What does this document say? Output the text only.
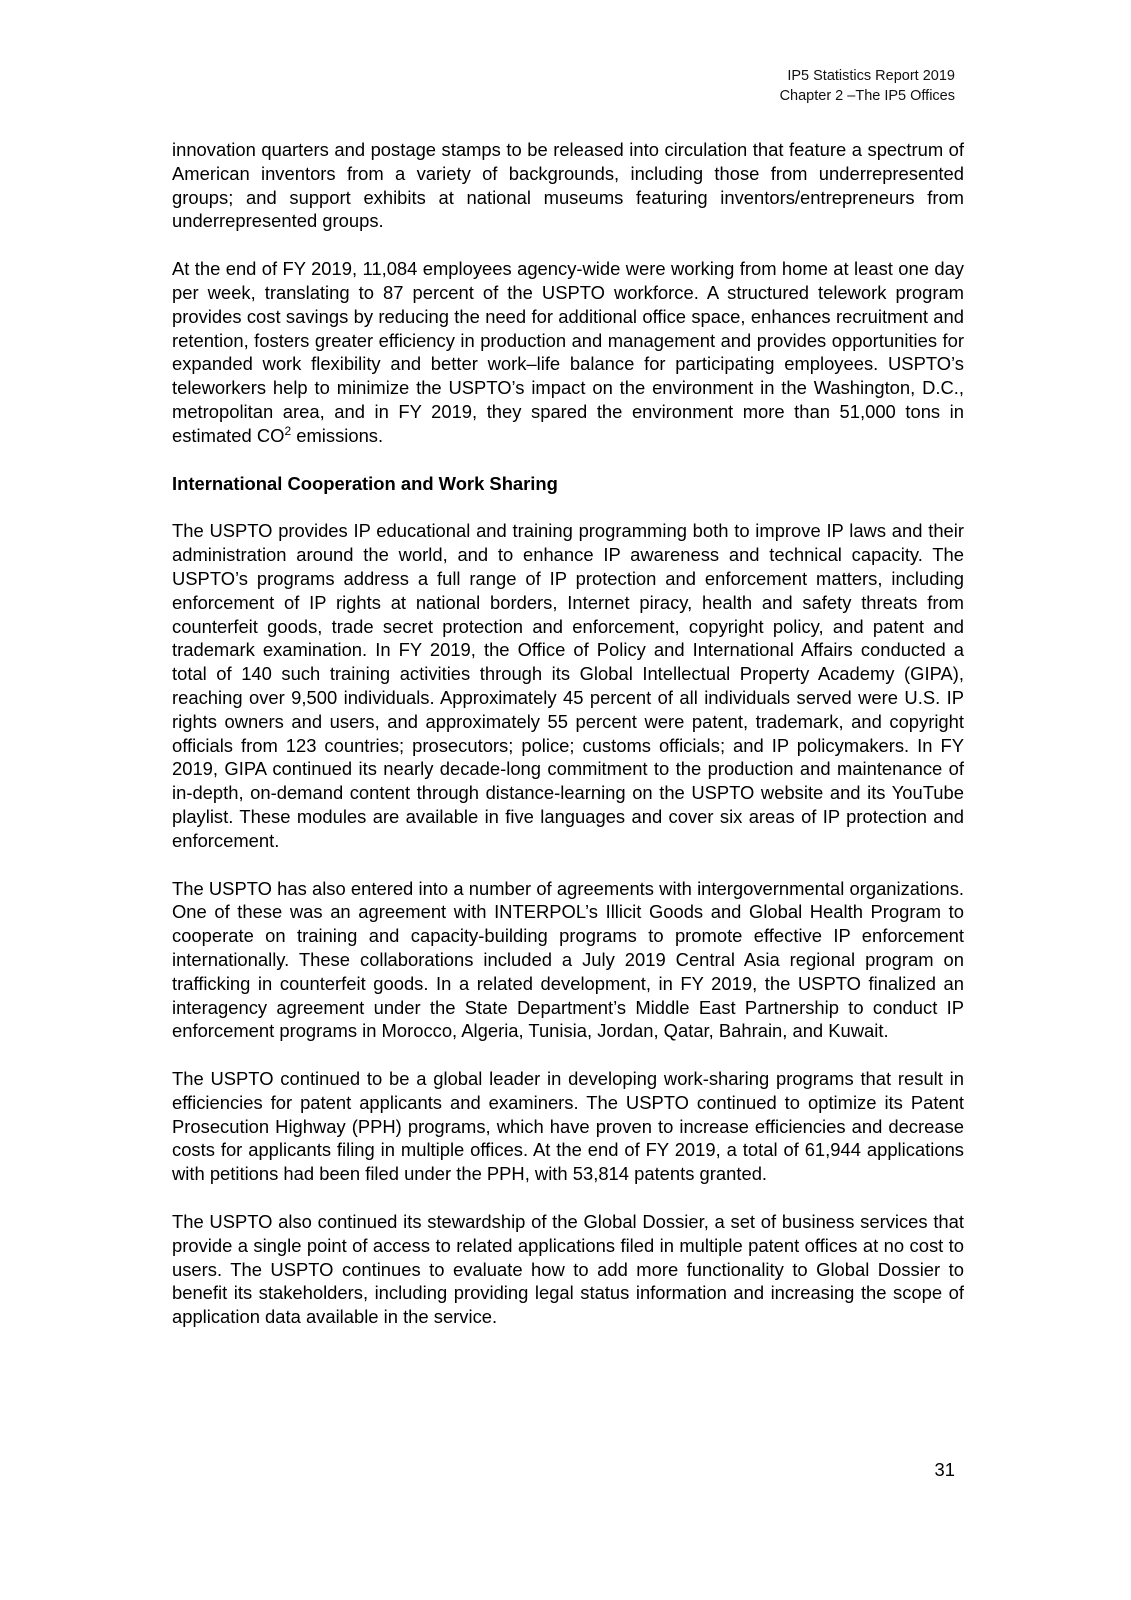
IP5 Statistics Report 2019
Chapter 2 –The IP5 Offices

innovation quarters and postage stamps to be released into circulation that feature a spectrum of American inventors from a variety of backgrounds, including those from underrepresented groups; and support exhibits at national museums featuring inventors/entrepreneurs from underrepresented groups.

At the end of FY 2019, 11,084 employees agency-wide were working from home at least one day per week, translating to 87 percent of the USPTO workforce. A structured telework program provides cost savings by reducing the need for additional office space, enhances recruitment and retention, fosters greater efficiency in production and management and provides opportunities for expanded work flexibility and better work–life balance for participating employees. USPTO’s teleworkers help to minimize the USPTO’s impact on the environment in the Washington, D.C., metropolitan area, and in FY 2019, they spared the environment more than 51,000 tons in estimated $CO^2$ emissions.

International Cooperation and Work Sharing

The USPTO provides IP educational and training programming both to improve IP laws and their administration around the world, and to enhance IP awareness and technical capacity. The USPTO’s programs address a full range of IP protection and enforcement matters, including enforcement of IP rights at national borders, Internet piracy, health and safety threats from counterfeit goods, trade secret protection and enforcement, copyright policy, and patent and trademark examination. In FY 2019, the Office of Policy and International Affairs conducted a total of 140 such training activities through its Global Intellectual Property Academy (GIPA), reaching over 9,500 individuals. Approximately 45 percent of all individuals served were U.S. IP rights owners and users, and approximately 55 percent were patent, trademark, and copyright officials from 123 countries; prosecutors; police; customs officials; and IP policymakers. In FY 2019, GIPA continued its nearly decade-long commitment to the production and maintenance of in-depth, on-demand content through distance-learning on the USPTO website and its YouTube playlist. These modules are available in five languages and cover six areas of IP protection and enforcement.

The USPTO has also entered into a number of agreements with intergovernmental organizations. One of these was an agreement with INTERPOL’s Illicit Goods and Global Health Program to cooperate on training and capacity-building programs to promote effective IP enforcement internationally. These collaborations included a July 2019 Central Asia regional program on trafficking in counterfeit goods. In a related development, in FY 2019, the USPTO finalized an interagency agreement under the State Department’s Middle East Partnership to conduct IP enforcement programs in Morocco, Algeria, Tunisia, Jordan, Qatar, Bahrain, and Kuwait.

The USPTO continued to be a global leader in developing work-sharing programs that result in efficiencies for patent applicants and examiners. The USPTO continued to optimize its Patent Prosecution Highway (PPH) programs, which have proven to increase efficiencies and decrease costs for applicants filing in multiple offices. At the end of FY 2019, a total of 61,944 applications with petitions had been filed under the PPH, with 53,814 patents granted.

The USPTO also continued its stewardship of the Global Dossier, a set of business services that provide a single point of access to related applications filed in multiple patent offices at no cost to users. The USPTO continues to evaluate how to add more functionality to Global Dossier to benefit its stakeholders, including providing legal status information and increasing the scope of application data available in the service.

31
